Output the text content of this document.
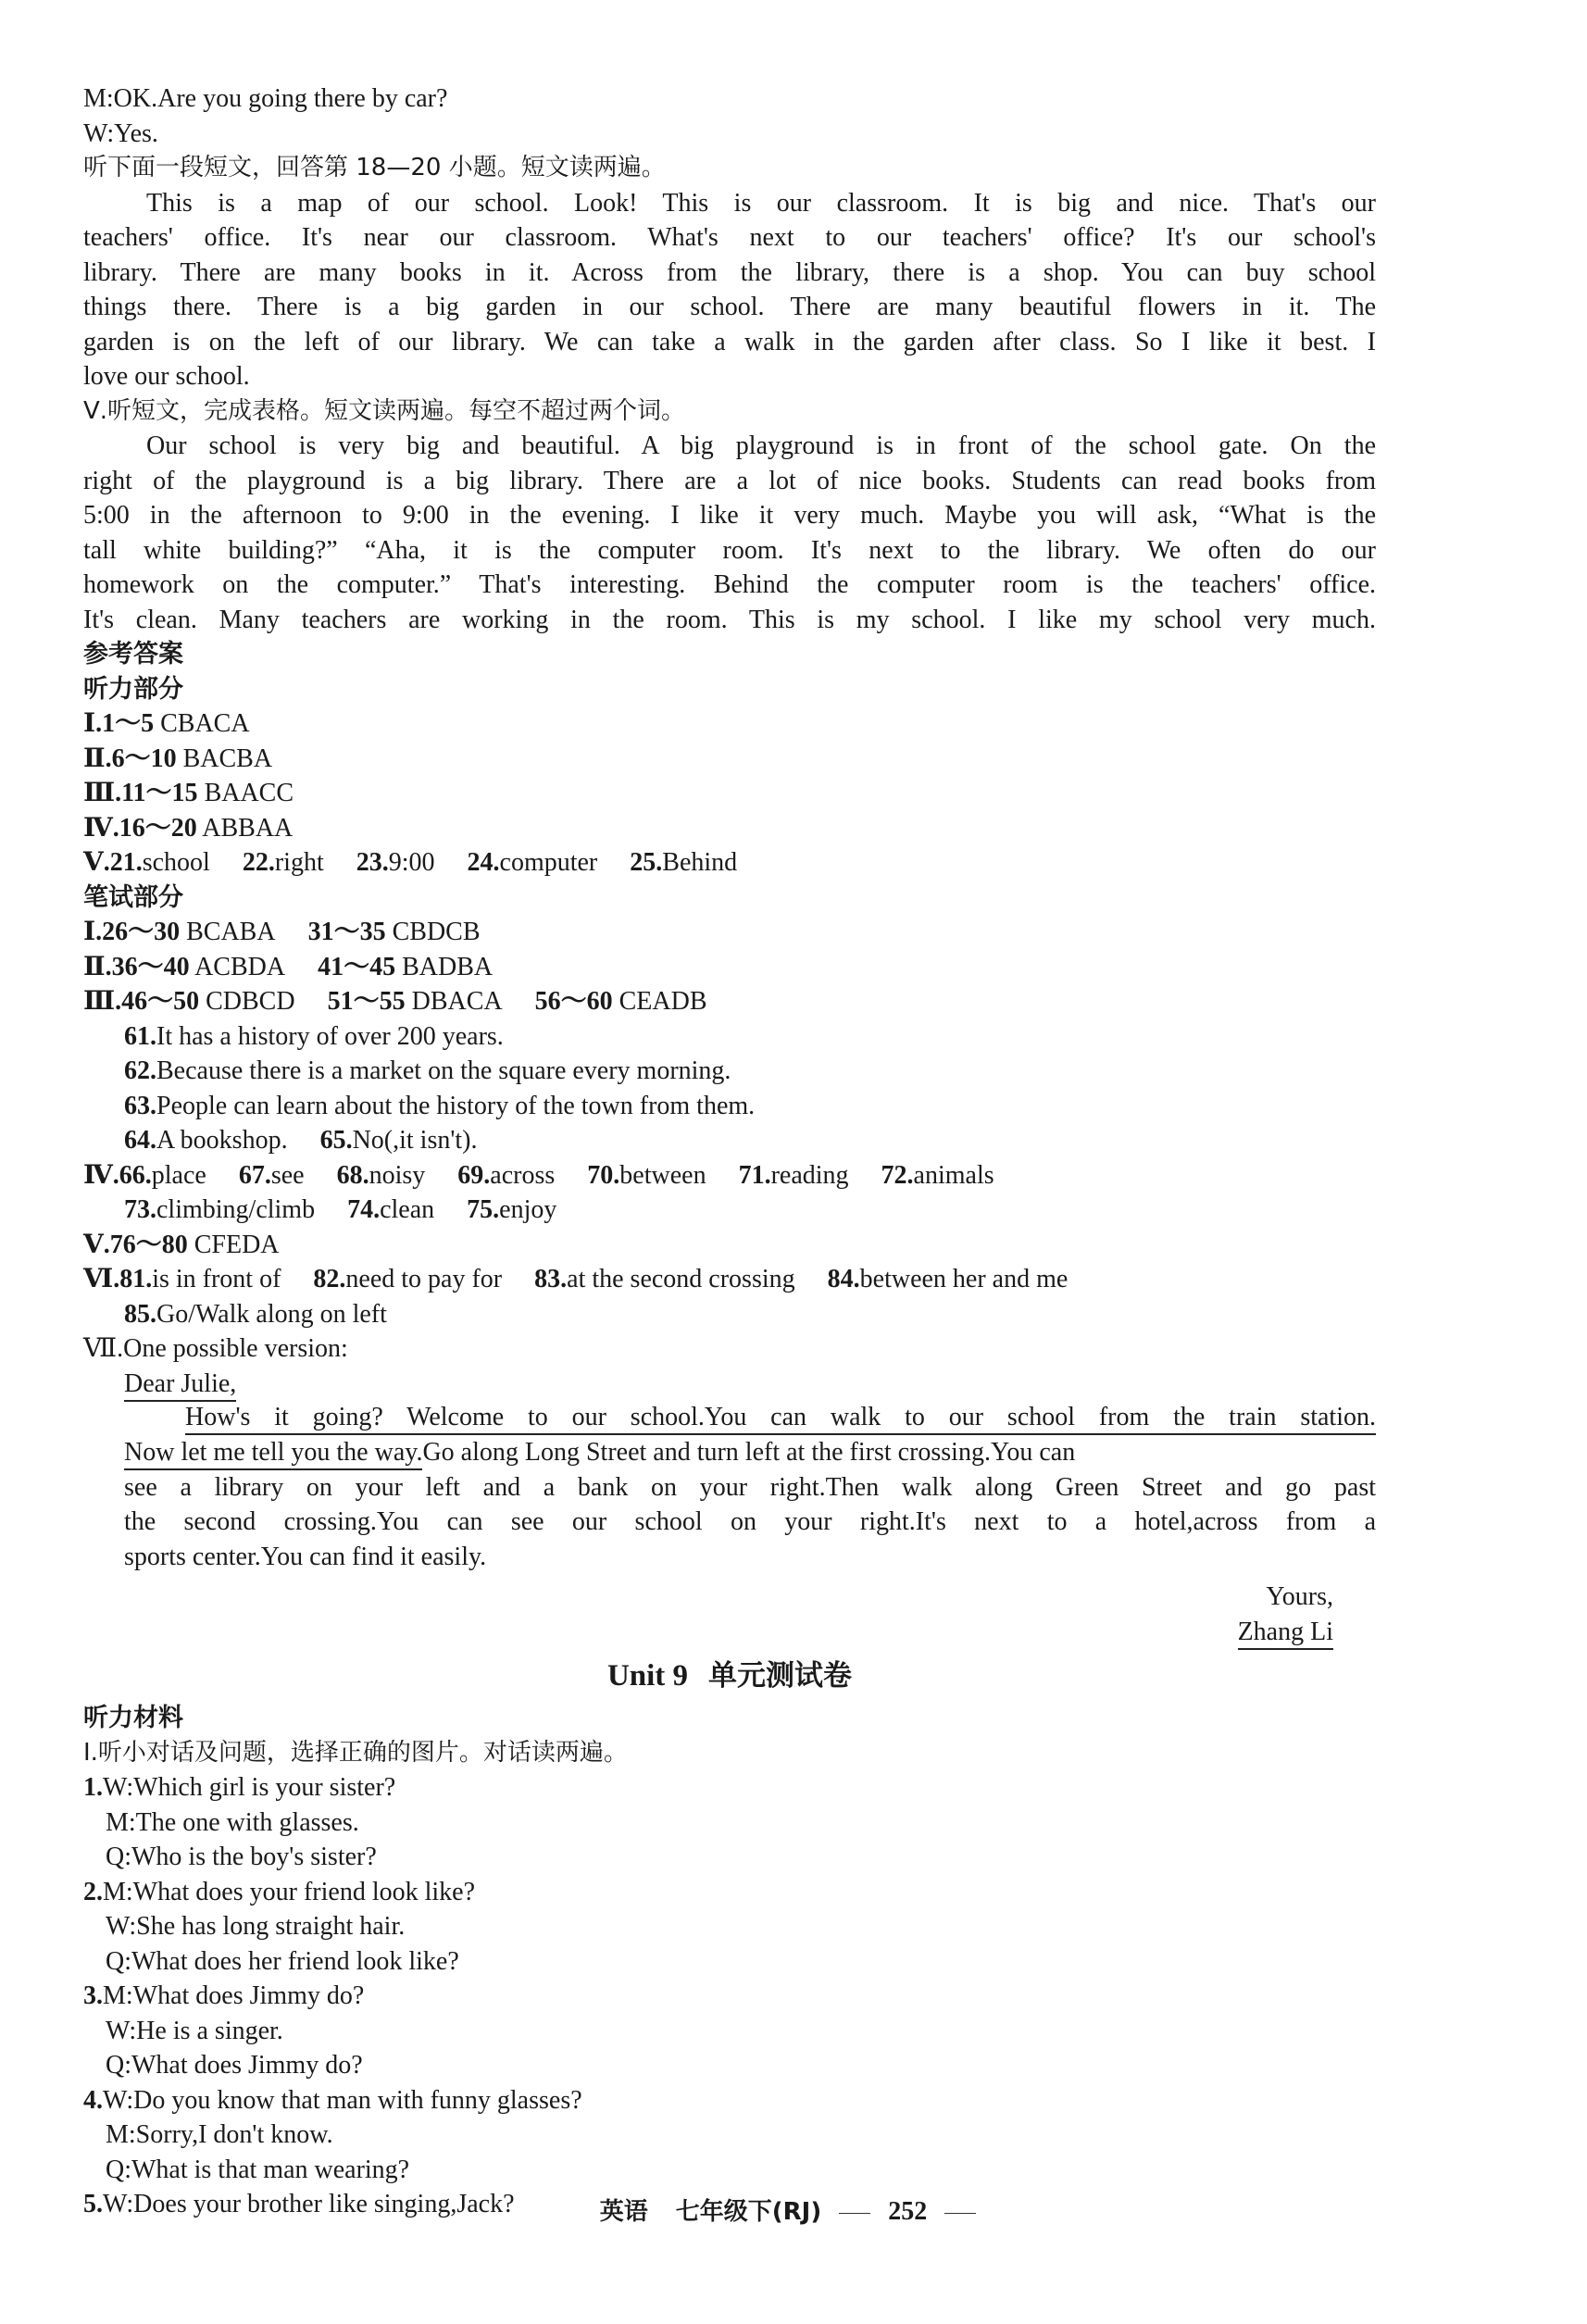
M:OK.Are you going there by car?
W:Yes.
听下面一段短文，回答第 18—20 小题。短文读两遍。
This is a map of our school. Look! This is our classroom. It is big and nice. That's our
teachers' office. It's near our classroom. What's next to our teachers' office? It's our school's
library. There are many books in it. Across from the library, there is a shop. You can buy school
things there. There is a big garden in our school. There are many beautiful flowers in it. The
garden is on the left of our library. We can take a walk in the garden after class. So I like it best. I
love our school.
Ⅴ.听短文，完成表格。短文读两遍。每空不超过两个词。
Our school is very big and beautiful. A big playground is in front of the school gate. On the
right of the playground is a big library. There are a lot of nice books. Students can read books from
5:00 in the afternoon to 9:00 in the evening. I like it very much. Maybe you will ask, “What is the
tall white building?” “Aha, it is the computer room. It's next to the library. We often do our
homework on the computer.” That's interesting. Behind the computer room is the teachers' office.
It's clean. Many teachers are working in the room. This is my school. I like my school very much.
参考答案
听力部分
Ⅰ.1～5 CBACA
Ⅱ.6～10 BACBA
Ⅲ.11～15 BAACC
Ⅳ.16～20 ABBAA
Ⅴ.21.school 22.right 23.9:00 24.computer 25.Behind
笔试部分
Ⅰ.26～30 BCABA 31～35 CBDCB
Ⅱ.36～40 ACBDA 41～45 BADBA
Ⅲ.46～50 CDBCD 51～55 DBACA 56～60 CEADB
61.It has a history of over 200 years.
62.Because there is a market on the square every morning.
63.People can learn about the history of the town from them.
64.A bookshop. 65.No(,it isn't).
Ⅳ.66.place 67.see 68.noisy 69.across 70.between 71.reading 72.animals
73.climbing/climb 74.clean 75.enjoy
Ⅴ.76～80 CFEDA
Ⅵ.81.is in front of 82.need to pay for 83.at the second crossing 84.between her and me
85.Go/Walk along on left
Ⅶ.One possible version:
Dear Julie,
How's it going? Welcome to our school.You can walk to our school from the train station.
Now let me tell you the way.Go along Long Street and turn left at the first crossing.You can
see a library on your left and a bank on your right.Then walk along Green Street and go past
the second crossing.You can see our school on your right.It's next to a hotel,across from a
sports center.You can find it easily.
Yours,
Zhang Li
Unit 9 单元测试卷
听力材料
Ⅰ.听小对话及问题，选择正确的图片。对话读两遍。
1.W:Which girl is your sister?
M:The one with glasses.
Q:Who is the boy's sister?
2.M:What does your friend look like?
W:She has long straight hair.
Q:What does her friend look like?
3.M:What does Jimmy do?
W:He is a singer.
Q:What does Jimmy do?
4.W:Do you know that man with funny glasses?
M:Sorry,I don't know.
Q:What is that man wearing?
5.W:Does your brother like singing,Jack?	英语 七年级下(RJ)	252
